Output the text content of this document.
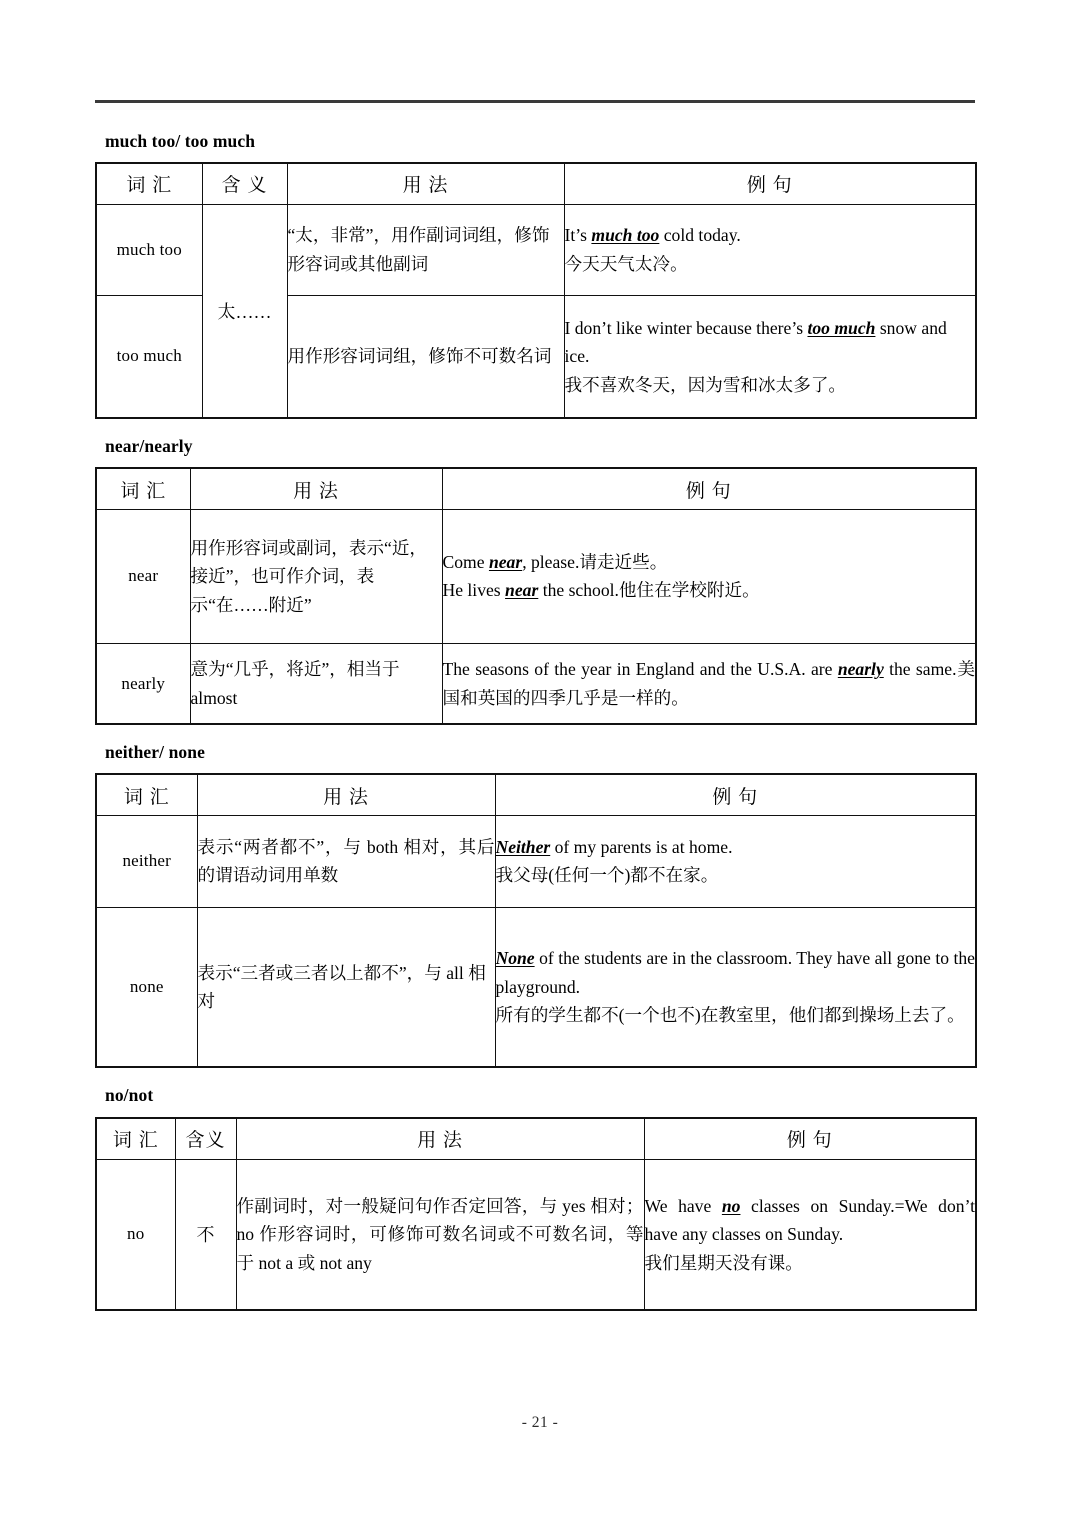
much too/ too much
词 汇	含 义	用 法	例 句
much too	太……	“太，非常”，用作副词词组，修饰形容词或其他副词	It’s much too cold today.

今天天气太冷。

too much		用作形容词词组，修饰不可数名词	I don’t like winter because there’s too much snow and ice.

我不喜欢冬天，因为雪和冰太多了。

near/nearly
词 汇	用 法	例 句
near	用作形容词或副词，表示“近，接近”，也可作介词，表示“在……附近”	Come near, please.请走近些。

He lives near the school.他住在学校附近。

nearly	意为“几乎，将近”，相当于 almost	The seasons of the year in England and the U.S.A. are nearly the same.美国和英国的四季几乎是一样的。

neither/ none
词 汇	用 法	例 句
neither	表示“两者都不”，与 both 相对，其后的谓语动词用单数	Neither of my parents is at home.

我父母(任何一个)都不在家。

none	表示“三者或三者以上都不”，与 all 相对	None of the students are in the classroom. They have all gone to the playground.

所有的学生都不(一个也不)在教室里，他们都到操场上去了。

no/not
词 汇	含义	用 法	例 句
no	不	作副词时，对一般疑问句作否定回答，与 yes 相对；no 作形容词时，可修饰可数名词或不可数名词，等于 not a 或 not any	We have no classes on Sunday.=We don’t have any classes on Sunday.

我们星期天没有课。

- 21 -
